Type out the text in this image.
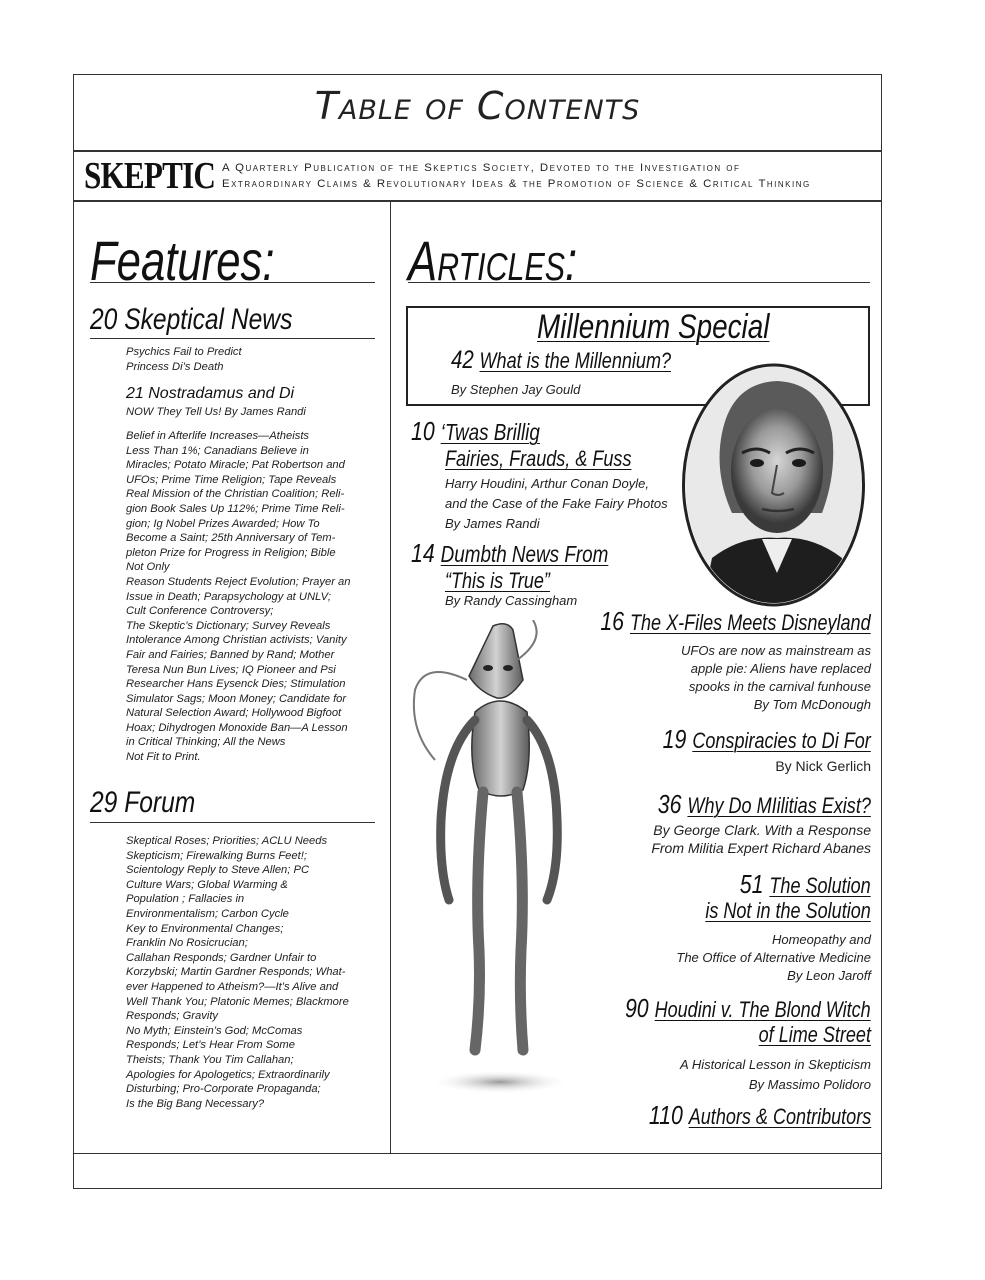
Table of Contents
SKEPTIC A Quarterly Publication of the Skeptics Society, Devoted to the Investigation of
Extraordinary Claims & Revolutionary Ideas & the Promotion of Science & Critical Thinking
Features:
20 Skeptical News

Psychics Fail to Predict

Princess Di’s Death

21 Nostradamus and Di
NOW They Tell Us! By James Randi

Belief in Afterlife Increases—Atheists

Less Than 1%; Canadians Believe in

Miracles; Potato Miracle; Pat Robertson and

UFOs; Prime Time Religion; Tape Reveals

Real Mission of the Christian Coalition; Reli-

gion Book Sales Up 112%; Prime Time Reli-

gion; Ig Nobel Prizes Awarded; How To

Become a Saint; 25th Anniversary of Tem-

pleton Prize for Progress in Religion; Bible

Not Only

Reason Students Reject Evolution; Prayer an

Issue in Death; Parapsychology at UNLV;

Cult Conference Controversy;

The Skeptic’s Dictionary; Survey Reveals

Intolerance Among Christian activists; Vanity

Fair and Fairies; Banned by Rand; Mother

Teresa Nun Bun Lives; IQ Pioneer and Psi

Researcher Hans Eysenck Dies; Stimulation

Simulator Sags; Moon Money; Candidate for

Natural Selection Award; Hollywood Bigfoot

Hoax; Dihydrogen Monoxide Ban—A Lesson

in Critical Thinking; All the News

Not Fit to Print.

29 Forum

Skeptical Roses; Priorities; ACLU Needs

Skepticism; Firewalking Burns Feet!;

Scientology Reply to Steve Allen; PC

Culture Wars; Global Warming &

Population ; Fallacies in

Environmentalism; Carbon Cycle

Key to Environmental Changes;

Franklin No Rosicrucian;

Callahan Responds; Gardner Unfair to

Korzybski; Martin Gardner Responds; What-

ever Happened to Atheism?—It’s Alive and

Well Thank You; Platonic Memes; Blackmore

Responds; Gravity

No Myth; Einstein’s God; McComas

Responds; Let’s Hear From Some

Theists; Thank You Tim Callahan;

Apologies for Apologetics; Extraordinarily

Disturbing; Pro-Corporate Propaganda;

Is the Big Bang Necessary?

Articles:
Millennium Special
42 What is the Millennium?
By Stephen Jay Gould
10 ‘Twas Brillig
Fairies, Frauds, & Fuss

Harry Houdini, Arthur Conan Doyle,

and the Case of the Fake Fairy Photos

By James Randi

14 Dumbth News From
“This is True”
By Randy Cassingham
16 The X-Files Meets Disneyland

UFOs are now as mainstream as

apple pie: Aliens have replaced

spooks in the carnival funhouse

By Tom McDonough

19 Conspiracies to Di For
By Nick Gerlich
36 Why Do MIilitias Exist?

By George Clark. With a Response

From Militia Expert Richard Abanes

51 The Solution
is Not in the Solution

Homeopathy and

The Office of Alternative Medicine

By Leon Jaroff

90 Houdini v. The Blond Witch
of Lime Street

A Historical Lesson in Skepticism

By Massimo Polidoro

110 Authors & Contributors
